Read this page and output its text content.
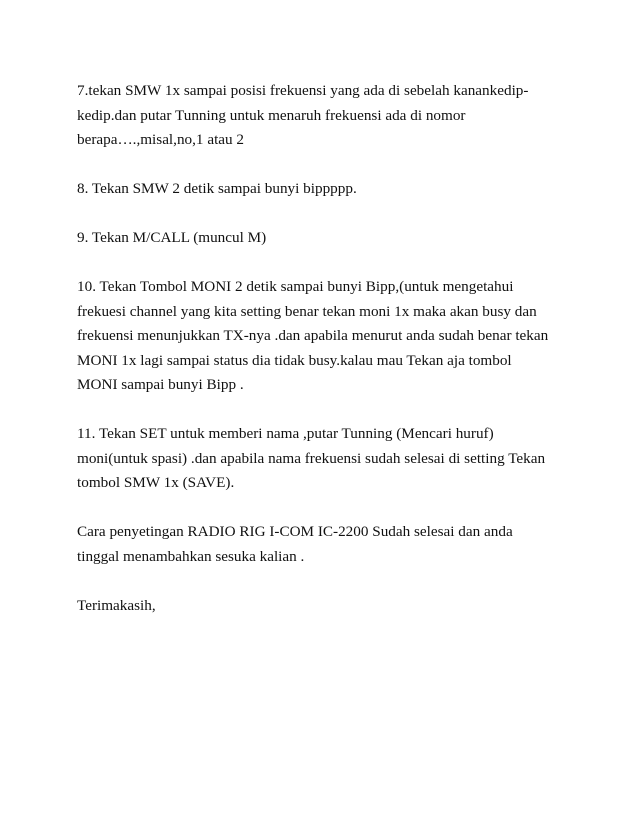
7.tekan SMW 1x sampai posisi frekuensi yang ada di sebelah kanankedip-
kedip.dan putar Tunning untuk menaruh frekuensi ada di nomor
berapa….,misal,no,1 atau 2

8. Tekan SMW 2 detik sampai bunyi bippppp.

9. Tekan M/CALL (muncul M)

10. Tekan Tombol MONI 2 detik sampai bunyi Bipp,(untuk mengetahui
frekuesi channel yang kita setting benar tekan moni 1x maka akan busy dan
frekuensi menunjukkan TX-nya .dan apabila menurut anda sudah benar tekan
MONI 1x lagi sampai status dia tidak busy.kalau mau Tekan aja tombol
MONI sampai bunyi Bipp .

11. Tekan SET untuk memberi nama ,putar Tunning (Mencari huruf)
moni(untuk spasi) .dan apabila nama frekuensi sudah selesai di setting Tekan
tombol SMW 1x (SAVE).

Cara penyetingan RADIO RIG I-COM IC-2200 Sudah selesai dan anda
tinggal menambahkan sesuka kalian .

Terimakasih,
